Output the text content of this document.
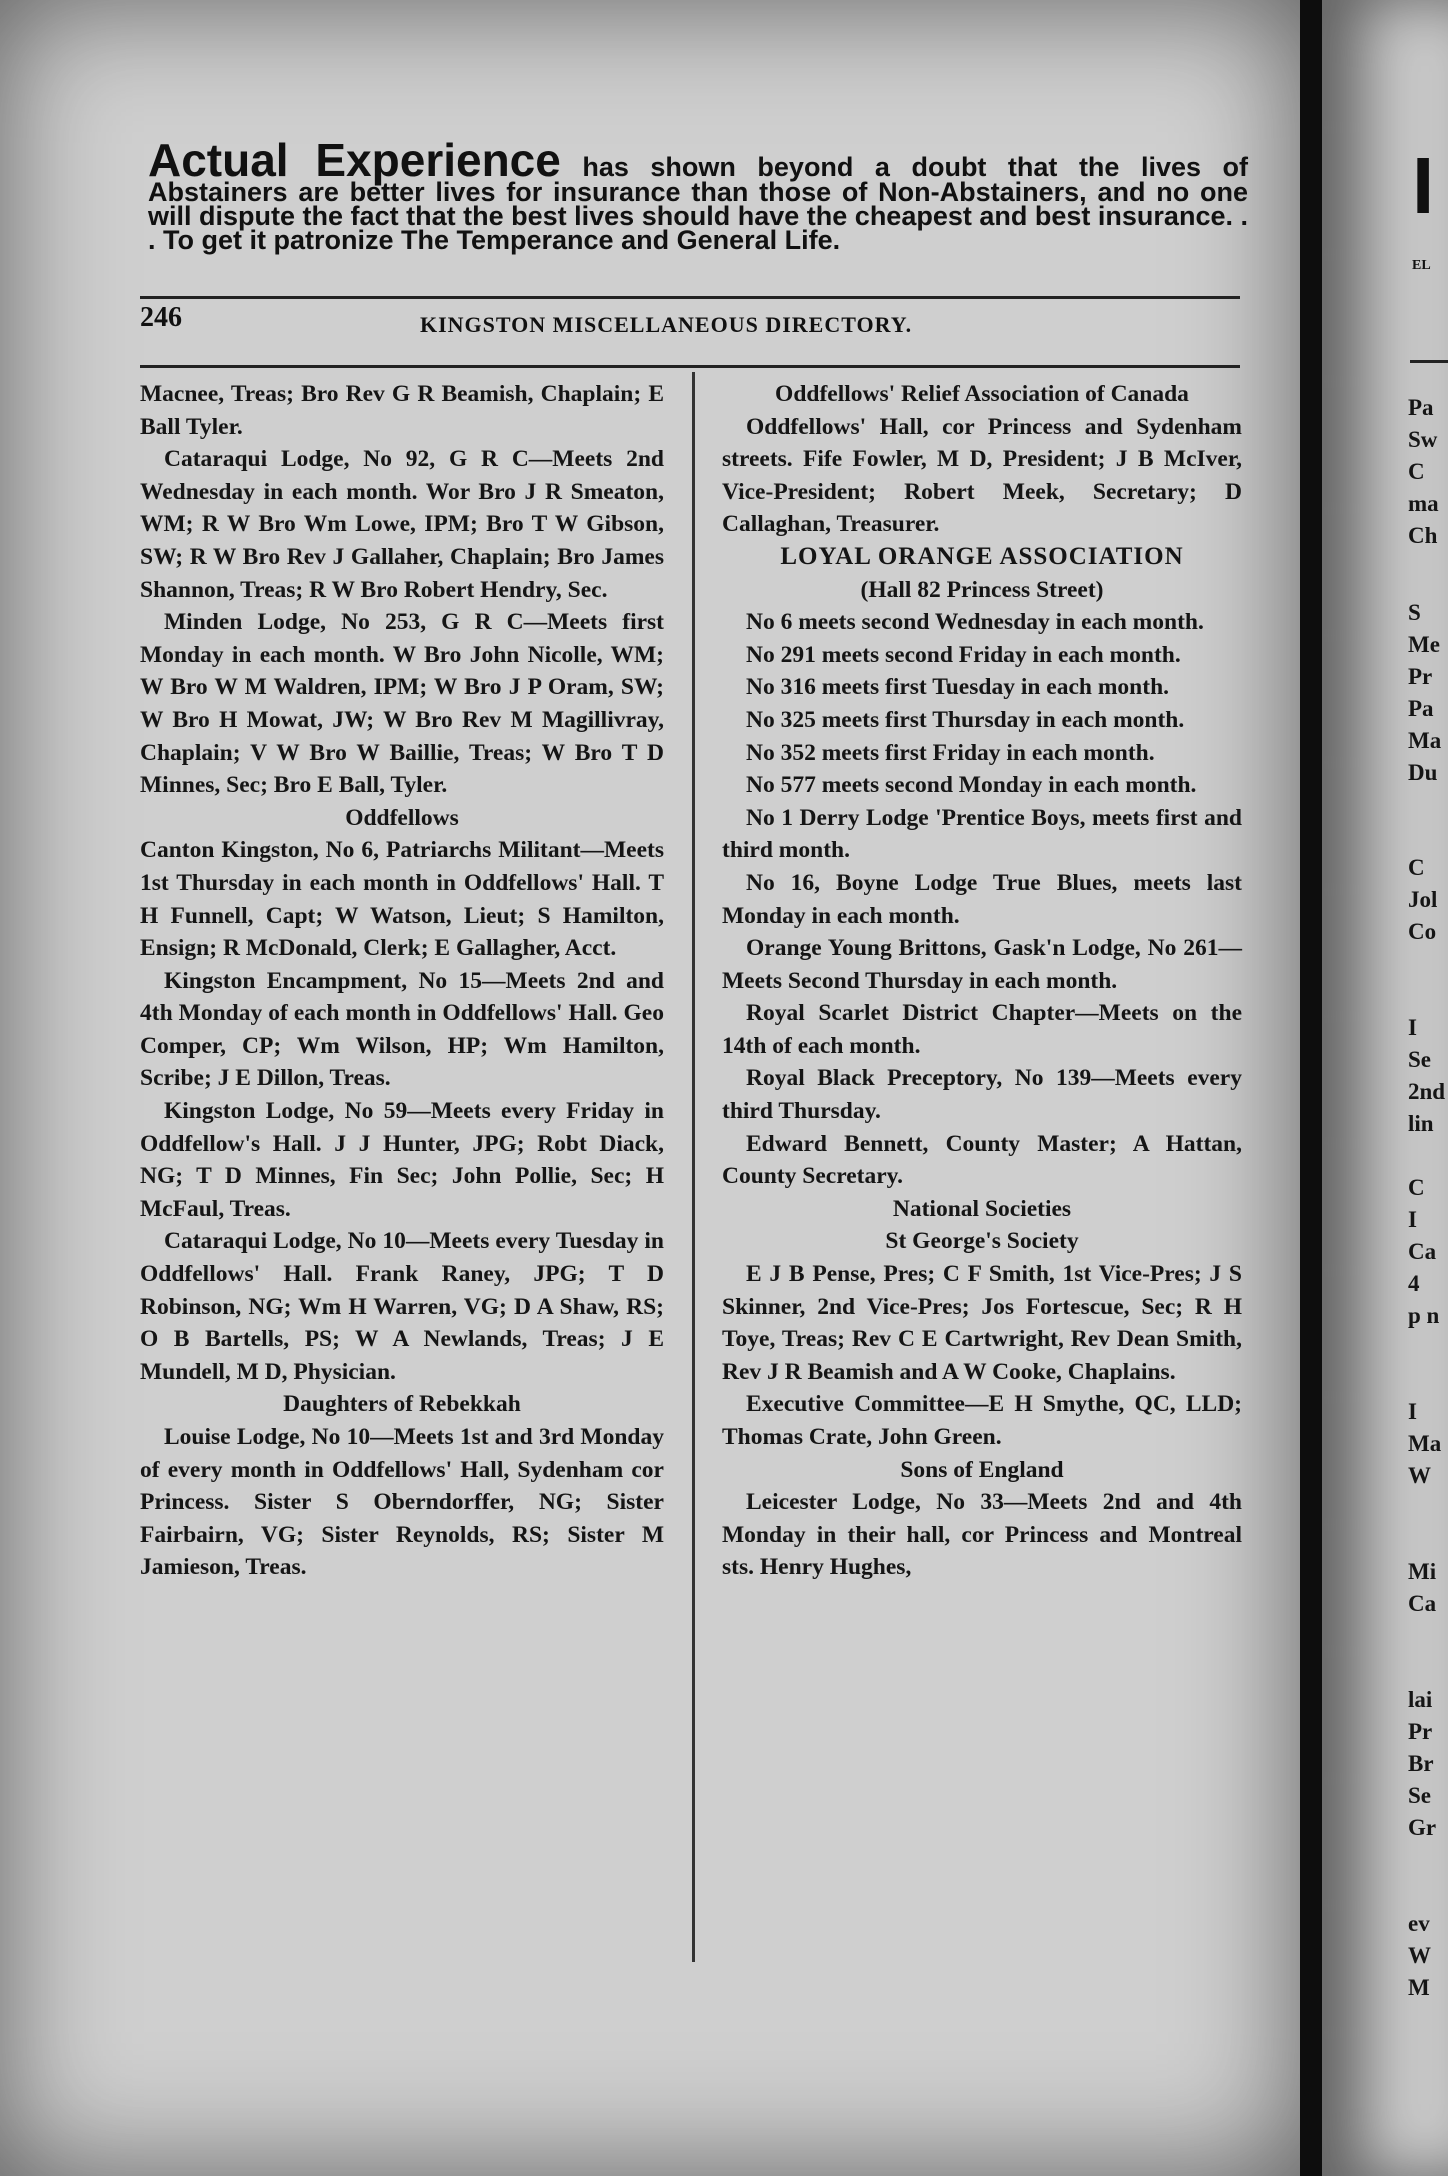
Actual Experience has shown beyond a doubt that the lives of Abstainers are better lives for insurance than those of Non-Abstainers, and no one will dispute the fact that the best lives should have the cheapest and best insurance. . . To get it patronize The Temperance and General Life.
246	KINGSTON MISCELLANEOUS DIRECTORY.

Macnee, Treas; Bro Rev G R Beamish, Chaplain; E Ball Tyler.

Cataraqui Lodge, No 92, G R C—Meets 2nd Wednesday in each month. Wor Bro J R Smeaton, WM; R W Bro Wm Lowe, IPM; Bro T W Gibson, SW; R W Bro Rev J Gallaher, Chaplain; Bro James Shannon, Treas; R W Bro Robert Hendry, Sec.

Minden Lodge, No 253, G R C—Meets first Monday in each month. W Bro John Nicolle, WM; W Bro W M Waldren, IPM; W Bro J P Oram, SW; W Bro H Mowat, JW; W Bro Rev M Magillivray, Chaplain; V W Bro W Baillie, Treas; W Bro T D Minnes, Sec; Bro E Ball, Tyler.

Oddfellows

Canton Kingston, No 6, Patriarchs Militant—Meets 1st Thursday in each month in Oddfellows' Hall. T H Funnell, Capt; W Watson, Lieut; S Hamilton, Ensign; R McDonald, Clerk; E Gallagher, Acct.

Kingston Encampment, No 15—Meets 2nd and 4th Monday of each month in Oddfellows' Hall. Geo Comper, CP; Wm Wilson, HP; Wm Hamilton, Scribe; J E Dillon, Treas.

Kingston Lodge, No 59—Meets every Friday in Oddfellow's Hall. J J Hunter, JPG; Robt Diack, NG; T D Minnes, Fin Sec; John Pollie, Sec; H McFaul, Treas.

Cataraqui Lodge, No 10—Meets every Tuesday in Oddfellows' Hall. Frank Raney, JPG; T D Robinson, NG; Wm H Warren, VG; D A Shaw, RS; O B Bartells, PS; W A Newlands, Treas; J E Mundell, M D, Physician.

Daughters of Rebekkah

Louise Lodge, No 10—Meets 1st and 3rd Monday of every month in Oddfellows' Hall, Sydenham cor Princess. Sister S Oberndorffer, NG; Sister Fairbairn, VG; Sister Reynolds, RS; Sister M Jamieson, Treas.

Oddfellows' Relief Association of Canada

Oddfellows' Hall, cor Princess and Sydenham streets. Fife Fowler, M D, President; J B McIver, Vice-President; Robert Meek, Secretary; D Callaghan, Treasurer.

LOYAL ORANGE ASSOCIATION

(Hall 82 Princess Street)

No 6 meets second Wednesday in each month.

No 291 meets second Friday in each month.

No 316 meets first Tuesday in each month.

No 325 meets first Thursday in each month.

No 352 meets first Friday in each month.

No 577 meets second Monday in each month.

No 1 Derry Lodge 'Prentice Boys, meets first and third month.

No 16, Boyne Lodge True Blues, meets last Monday in each month.

Orange Young Brittons, Gask'n Lodge, No 261—Meets Second Thursday in each month.

Royal Scarlet District Chapter—Meets on the 14th of each month.

Royal Black Preceptory, No 139—Meets every third Thursday.

Edward Bennett, County Master; A Hattan, County Secretary.

National Societies

St George's Society

E J B Pense, Pres; C F Smith, 1st Vice-Pres; J S Skinner, 2nd Vice-Pres; Jos Fortescue, Sec; R H Toye, Treas; Rev C E Cartwright, Rev Dean Smith, Rev J R Beamish and A W Cooke, Chaplains.

Executive Committee—E H Smythe, QC, LLD; Thomas Crate, John Green.

Sons of England

Leicester Lodge, No 33—Meets 2nd and 4th Monday in their hall, cor Princess and Montreal sts. Henry Hughes,

I
EL
Pa
Sw
C
ma
Ch
S
Me
Pr
Pa
Ma
Du
C
Jol
Co
I
Se
2nd
lin
C
I
Ca
4
p n
I
Ma
W
Mi
Ca
lai
Pr
Br
Se
Gr
ev
W
M
